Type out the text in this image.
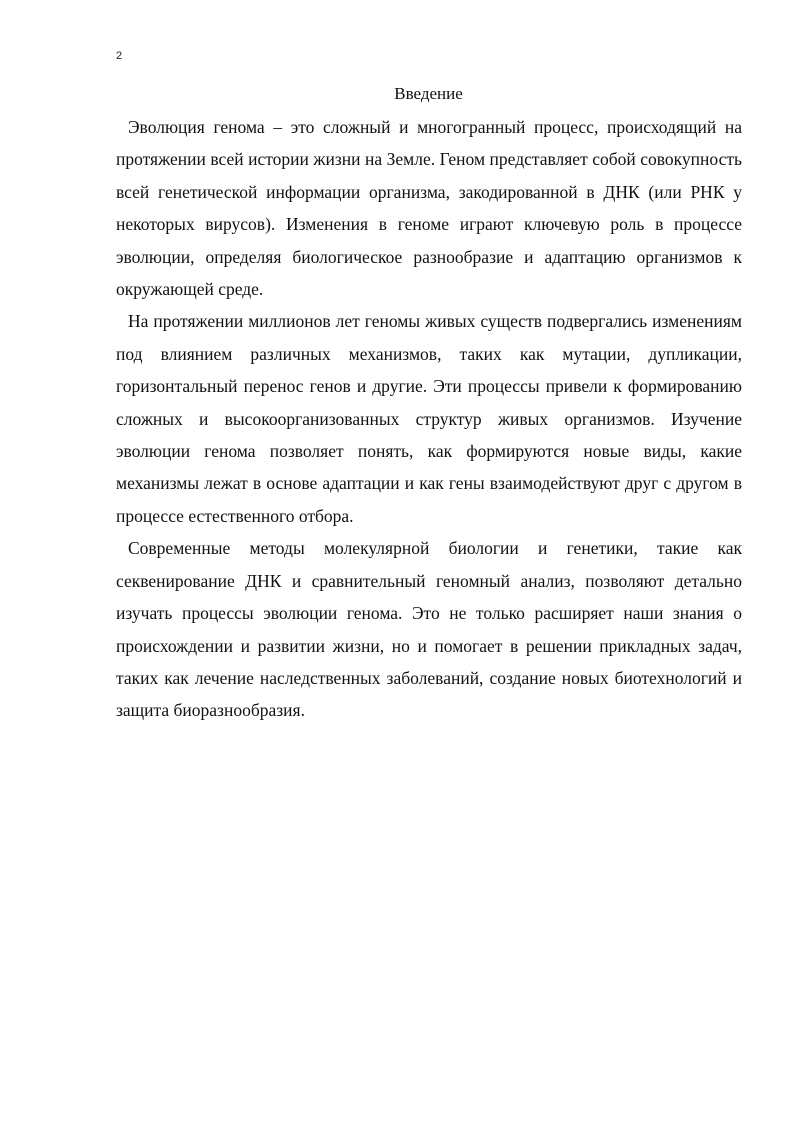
2
Введение

Эволюция генома – это сложный и многогранный процесс, происходящий на протяжении всей истории жизни на Земле. Геном представляет собой совокупность всей генетической информации организма, закодированной в ДНК (или РНК у некоторых вирусов). Изменения в геноме играют ключевую роль в процессе эволюции, определяя биологическое разнообразие и адаптацию организмов к окружающей среде.

На протяжении миллионов лет геномы живых существ подвергались изменениям под влиянием различных механизмов, таких как мутации, дупликации, горизонтальный перенос генов и другие. Эти процессы привели к формированию сложных и высокоорганизованных структур живых организмов. Изучение эволюции генома позволяет понять, как формируются новые виды, какие механизмы лежат в основе адаптации и как гены взаимодействуют друг с другом в процессе естественного отбора.

Современные методы молекулярной биологии и генетики, такие как секвенирование ДНК и сравнительный геномный анализ, позволяют детально изучать процессы эволюции генома. Это не только расширяет наши знания о происхождении и развитии жизни, но и помогает в решении прикладных задач, таких как лечение наследственных заболеваний, создание новых биотехнологий и защита биоразнообразия.
